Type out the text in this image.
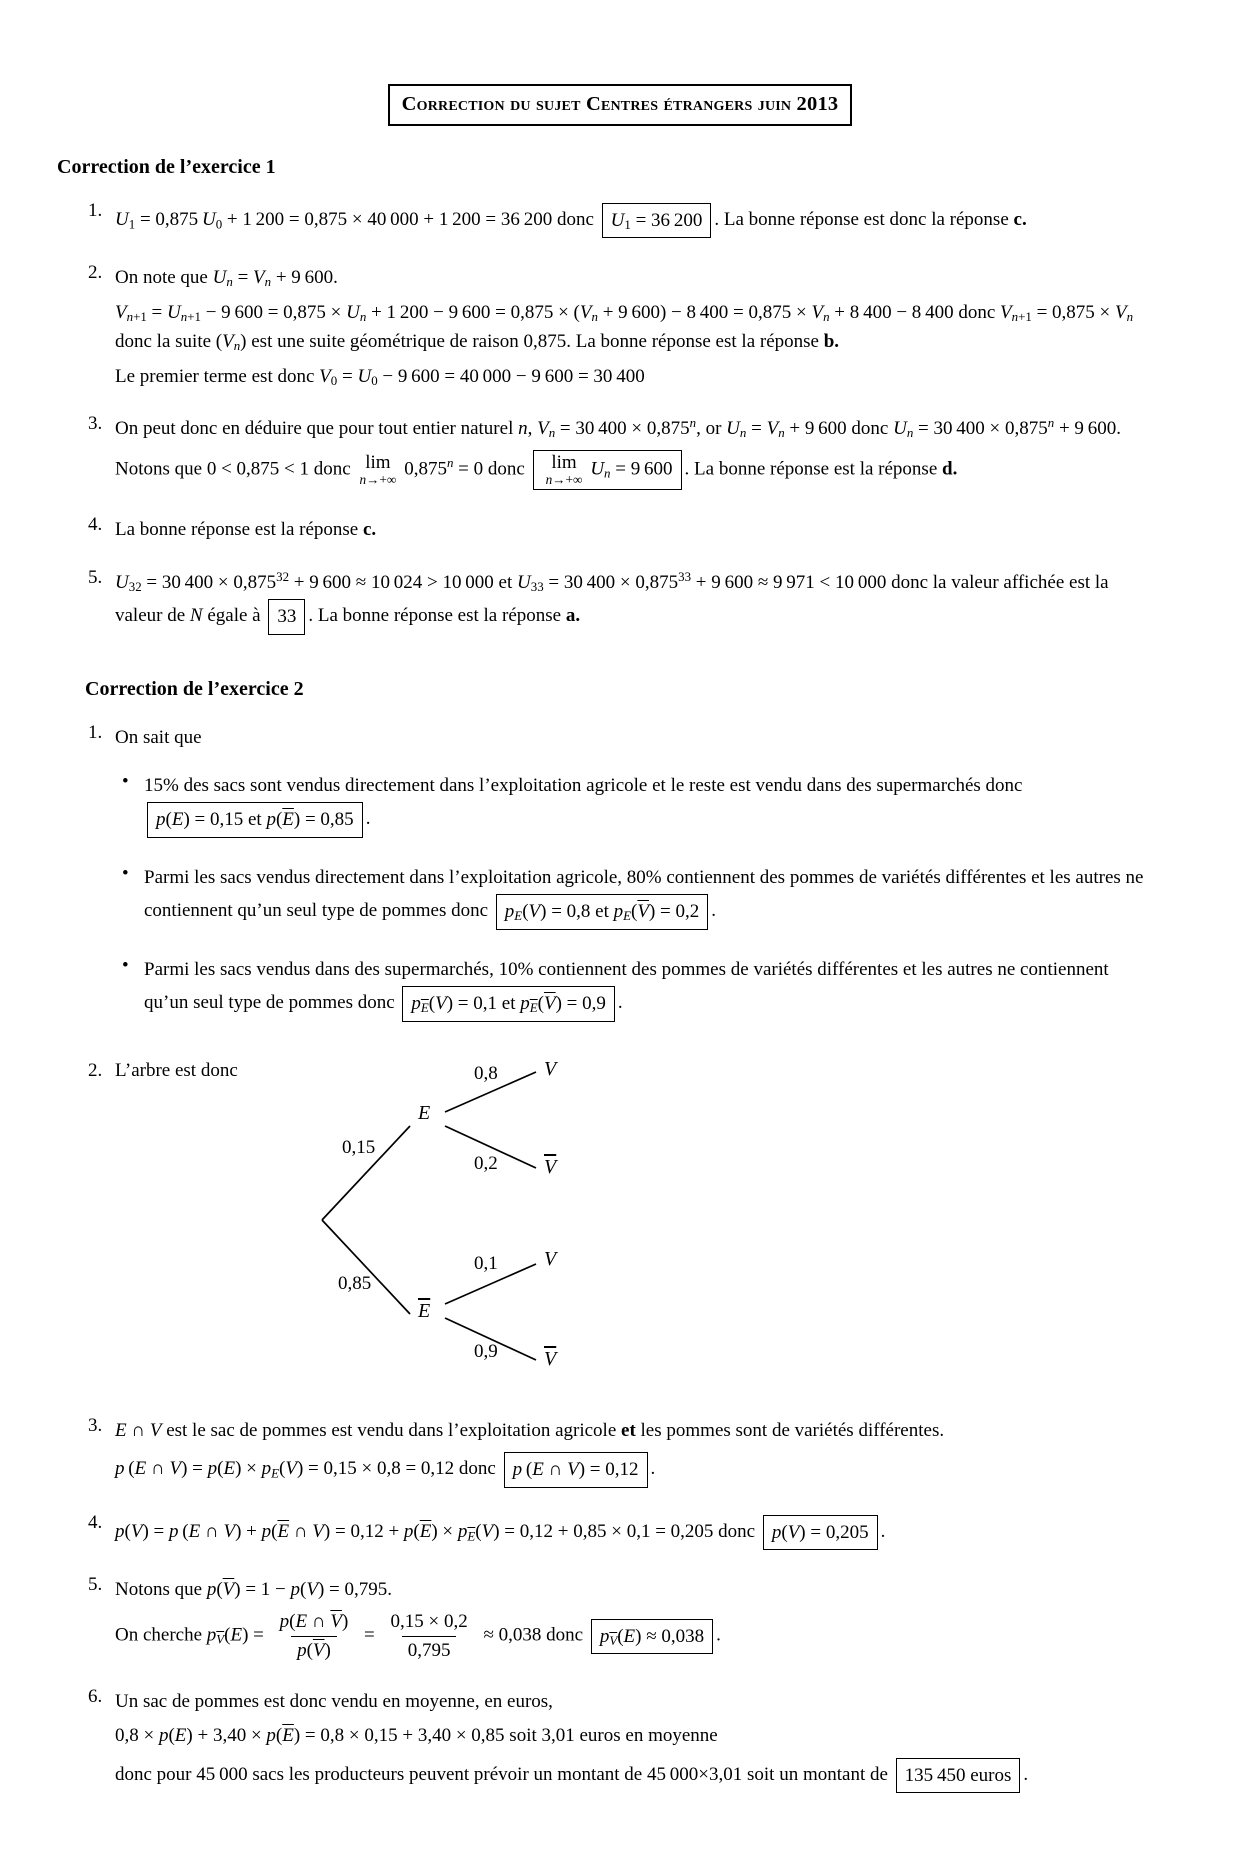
Correction du sujet Centres étrangers juin 2013
Correction de l’exercice 1
1. $U_1 = 0,875$ $U_0 + 1$ 200 = 0,875 × 40 000 + 1 200 = 36 200 donc $U_1 = 36$ 200 . La bonne réponse est donc la réponse c.

2. On note que $U_n = V_n + 9$ 600.

$V_{n+1} = U_{n+1} - 9$ $600 = 0,875 \times U_n + 1$ 200 − 9 $600 = 0,875 \times (V_n + 9$ 600) − 8 $400 = 0,875 \times V_n + 8$ 400 − 8 400 donc $V_{n+1} = 0,875 \times V_n$ donc la suite $(V_n)$ est une suite géométrique de raison 0,875. La bonne réponse est la réponse b.

Le premier terme est donc $V_0 = U_0 - 9$ 600 = 40 000 − 9 600 = 30 400

3. On peut donc en déduire que pour tout entier naturel n, $V_n = 30$ $400 \times 0,875^n$, or $U_n = V_n + 9$ 600 donc $U_n = 30$ $400 \times 0,875^n + 9$ 600.

Notons que 0 < 0,875 < 1 donc lim
n→+∞
 $0,875^n = 0$ donc lim
n→+∞
 $U_n = 9$ 600 . La bonne réponse est la réponse d.

4. La bonne réponse est la réponse c.

5. $U_{32} = 30$ $400 \times 0,875^{32} + 9$ 600 ≈ 10 024 > 10 000 et $U_{33} = 30$ $400 \times 0,875^{33} + 9$ 600 ≈ 9 971 < 10 000 donc la valeur affichée est la valeur de N égale à 33 . La bonne réponse est la réponse a.

Correction de l’exercice 2
1. On sait que

• 15% des sacs sont vendus directement dans l’exploitation agricole et le reste est vendu dans des supermarchés donc p(E) = 0,15 et $p(\overline{E}) = 0,85$ .

• Parmi les sacs vendus directement dans l’exploitation agricole, 80% contiennent des pommes de variétés différentes et les autres ne contiennent qu’un seul type de pommes donc $p_E(V) = 0,8$ et $p_E(\overline{V}) = 0,2$ .

• Parmi les sacs vendus dans des supermarchés, 10% contiennent des pommes de variétés différentes et les autres ne contiennent qu’un seul type de pommes donc $p_{\overline{E}}(V) = 0,1$ et $p_{\overline{E}}(\overline{V}) = 0,9$ .

2. L’arbre est donc

0,15
0,85
0,8
0,2
0,1
0,9
E
$\overline{E}$
V
$\overline{V}$
V
$\overline{V}$
3. E ∩ V est le sac de pommes est vendu dans l’exploitation agricole et les pommes sont de variétés différentes.

p (E ∩ $V) = p(E) \times p_E(V) = 0,15 \times 0,8 = 0,12$ donc p (E ∩ V) = 0,12 .

4. p(V) = p (E ∩ $V) + p(\overline{E}$ ∩ $V) = 0,12 + p(\overline{E}) \times p_{\overline{E}}(V) = 0,12 + 0,85 \times 0,1 = 0,205$ donc p(V) = 0,205 .

5. Notons que $p(\overline{V}) = 1 - p(V) = 0,795$.

On cherche $p_{\overline{V}}(E) = \frac{p(E \cap \overline{V})}{p(\overline{V})} = \frac{0,15 \times 0,2}{0,795} \approx 0,038$ donc $p_{\overline{V}}(E) \approx 0,038$ .

6. Un sac de pommes est donc vendu en moyenne, en euros,

$0,8 \times p(E) + 3,40 \times p(\overline{E}) = 0,8 \times 0,15 + 3,40 \times 0,85$ soit 3,01 euros en moyenne

donc pour 45 000 sacs les producteurs peuvent prévoir un montant de 45 000×3,01 soit un montant de 135 450 euros .
